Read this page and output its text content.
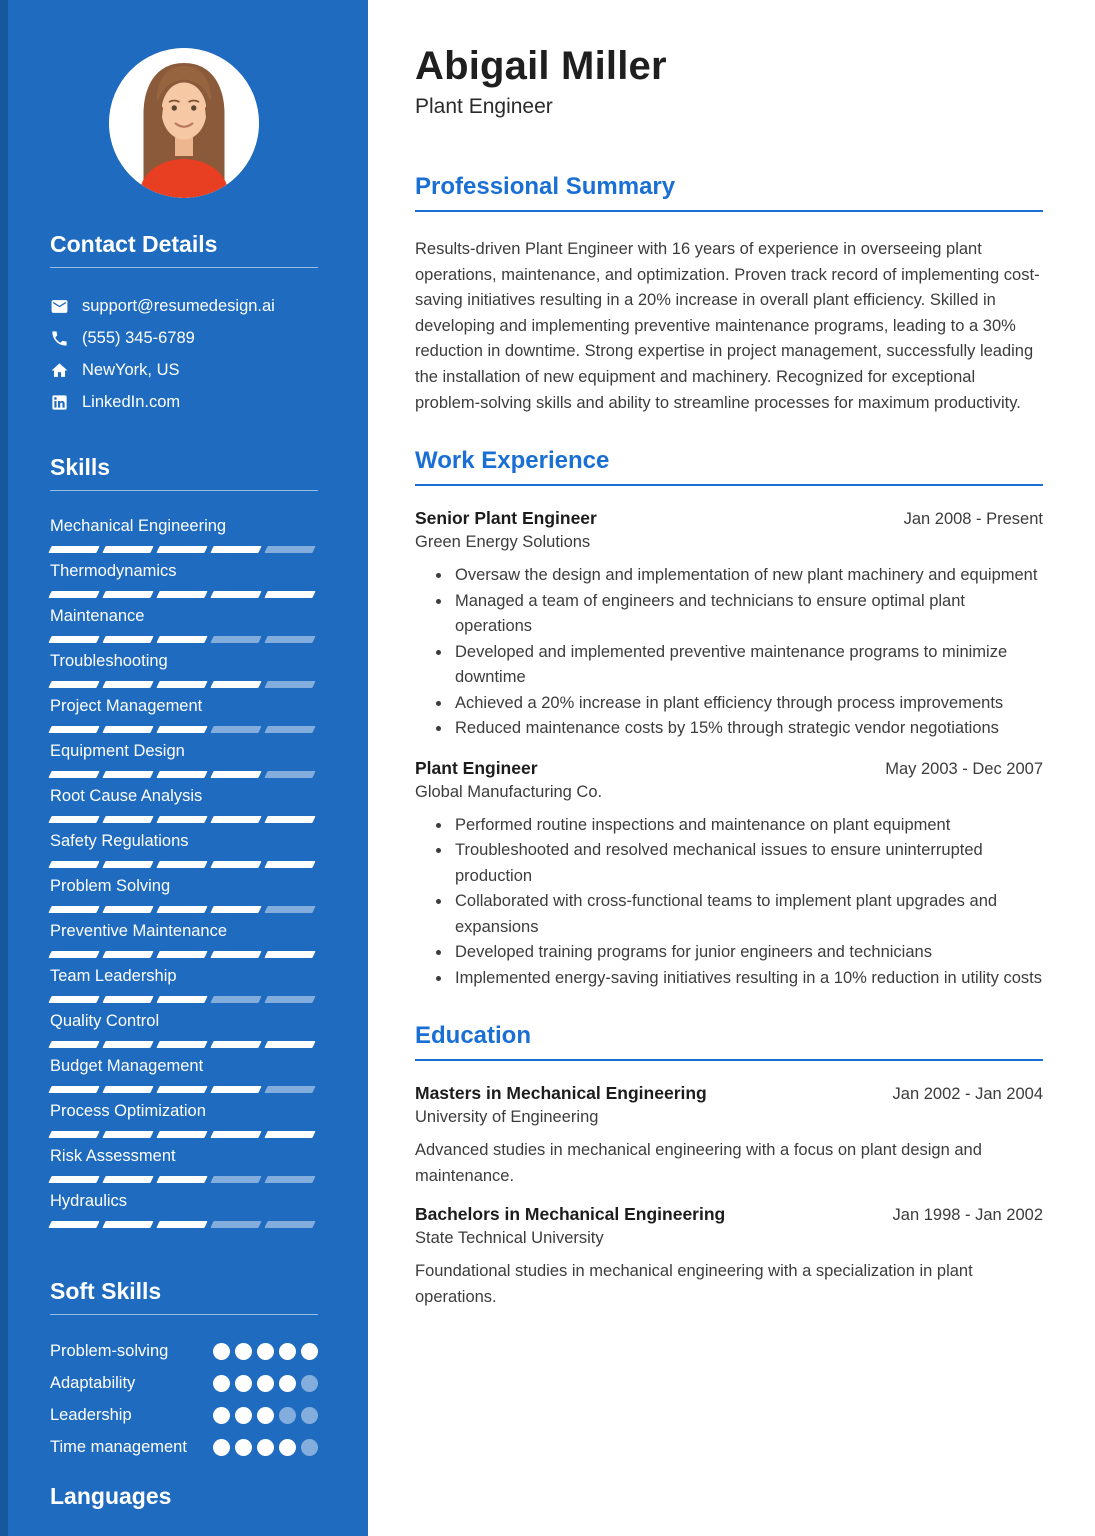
Contact Details
support@resumedesign.ai
(555) 345-6789
NewYork, US
LinkedIn.com
Skills
Mechanical Engineering
Thermodynamics
Maintenance
Troubleshooting
Project Management
Equipment Design
Root Cause Analysis
Safety Regulations
Problem Solving
Preventive Maintenance
Team Leadership
Quality Control
Budget Management
Process Optimization
Risk Assessment
Hydraulics
Soft Skills
Problem-solving
Adaptability
Leadership
Time management
Languages
Abigail Miller
Plant Engineer
Professional Summary
Results-driven Plant Engineer with 16 years of experience in overseeing plant operations, maintenance, and optimization. Proven track record of implementing cost-saving initiatives resulting in a 20% increase in overall plant efficiency. Skilled in developing and implementing preventive maintenance programs, leading to a 30% reduction in downtime. Strong expertise in project management, successfully leading the installation of new equipment and machinery. Recognized for exceptional problem-solving skills and ability to streamline processes for maximum productivity.
Work Experience
Senior Plant Engineer	Jan 2008 - Present
Green Energy Solutions
• Oversaw the design and implementation of new plant machinery and equipment
• Managed a team of engineers and technicians to ensure optimal plant operations
• Developed and implemented preventive maintenance programs to minimize downtime
• Achieved a 20% increase in plant efficiency through process improvements
• Reduced maintenance costs by 15% through strategic vendor negotiations
Plant Engineer	May 2003 - Dec 2007
Global Manufacturing Co.
• Performed routine inspections and maintenance on plant equipment
• Troubleshooted and resolved mechanical issues to ensure uninterrupted production
• Collaborated with cross-functional teams to implement plant upgrades and expansions
• Developed training programs for junior engineers and technicians
• Implemented energy-saving initiatives resulting in a 10% reduction in utility costs
Education
Masters in Mechanical Engineering	Jan 2002 - Jan 2004
University of Engineering
Advanced studies in mechanical engineering with a focus on plant design and maintenance.
Bachelors in Mechanical Engineering	Jan 1998 - Jan 2002
State Technical University
Foundational studies in mechanical engineering with a specialization in plant operations.
